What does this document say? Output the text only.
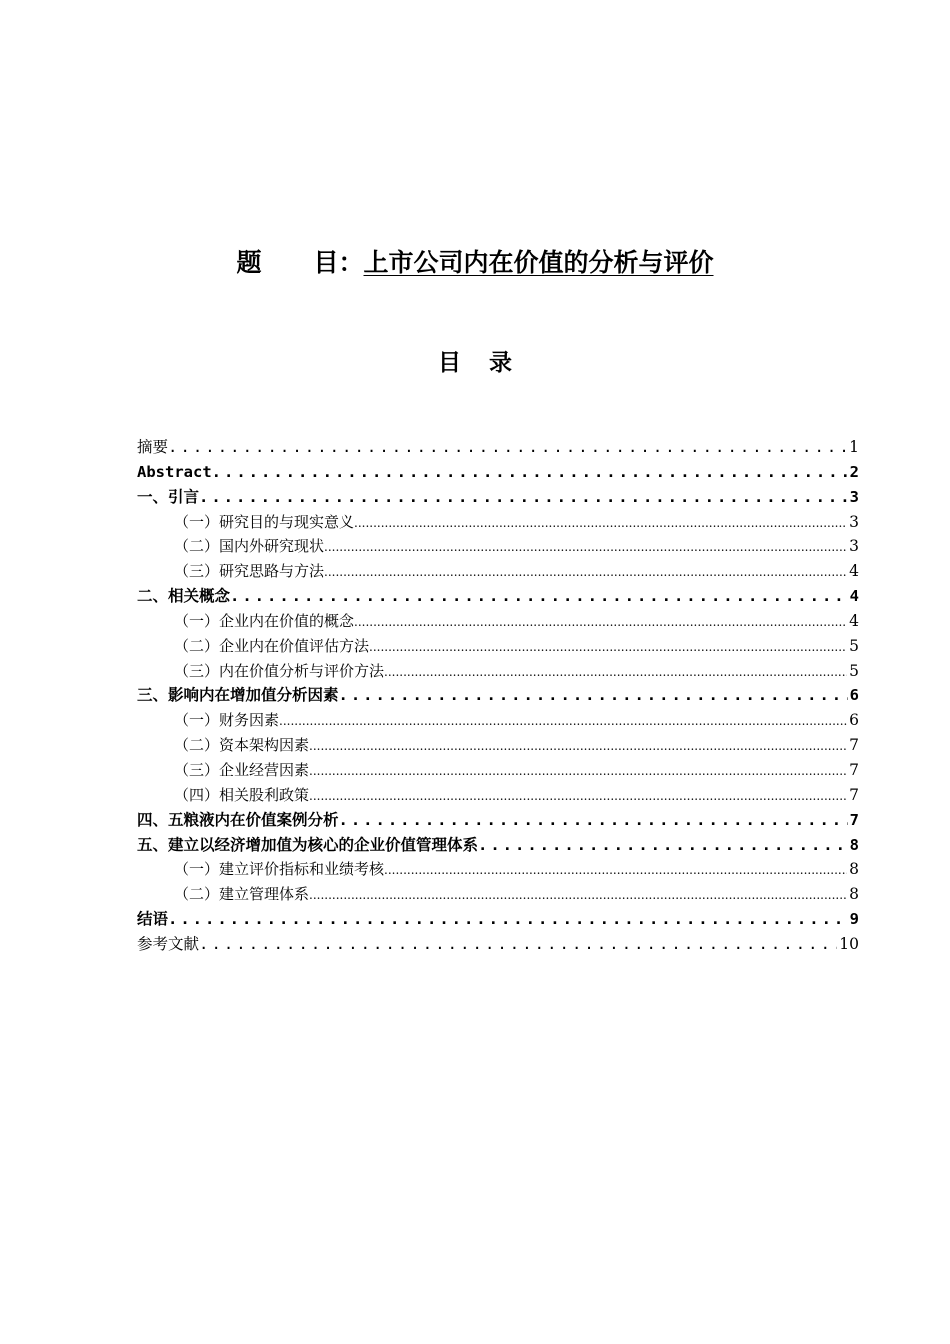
题 目：上市公司内在价值的分析与评价
目录
摘要 .....	1
Abstract .....	2
一、引言 .....	3
（一）研究目的与现实意义 .....	3
（二）国内外研究现状 .....	3
（三）研究思路与方法 .....	4
二、相关概念 .....	4
（一）企业内在价值的概念 .....	4
（二）企业内在价值评估方法 .....	5
（三）内在价值分析与评价方法 .....	5
三、影响内在增加值分析因素 .....	6
（一）财务因素 .....	6
（二）资本架构因素 .....	7
（三）企业经营因素 .....	7
（四）相关股利政策 .....	7
四、五粮液内在价值案例分析 .....	7
五、建立以经济增加值为核心的企业价值管理体系 .....	8
（一）建立评价指标和业绩考核 .....	8
（二）建立管理体系 .....	8
结语 .....	9
参考文献 .....	10
